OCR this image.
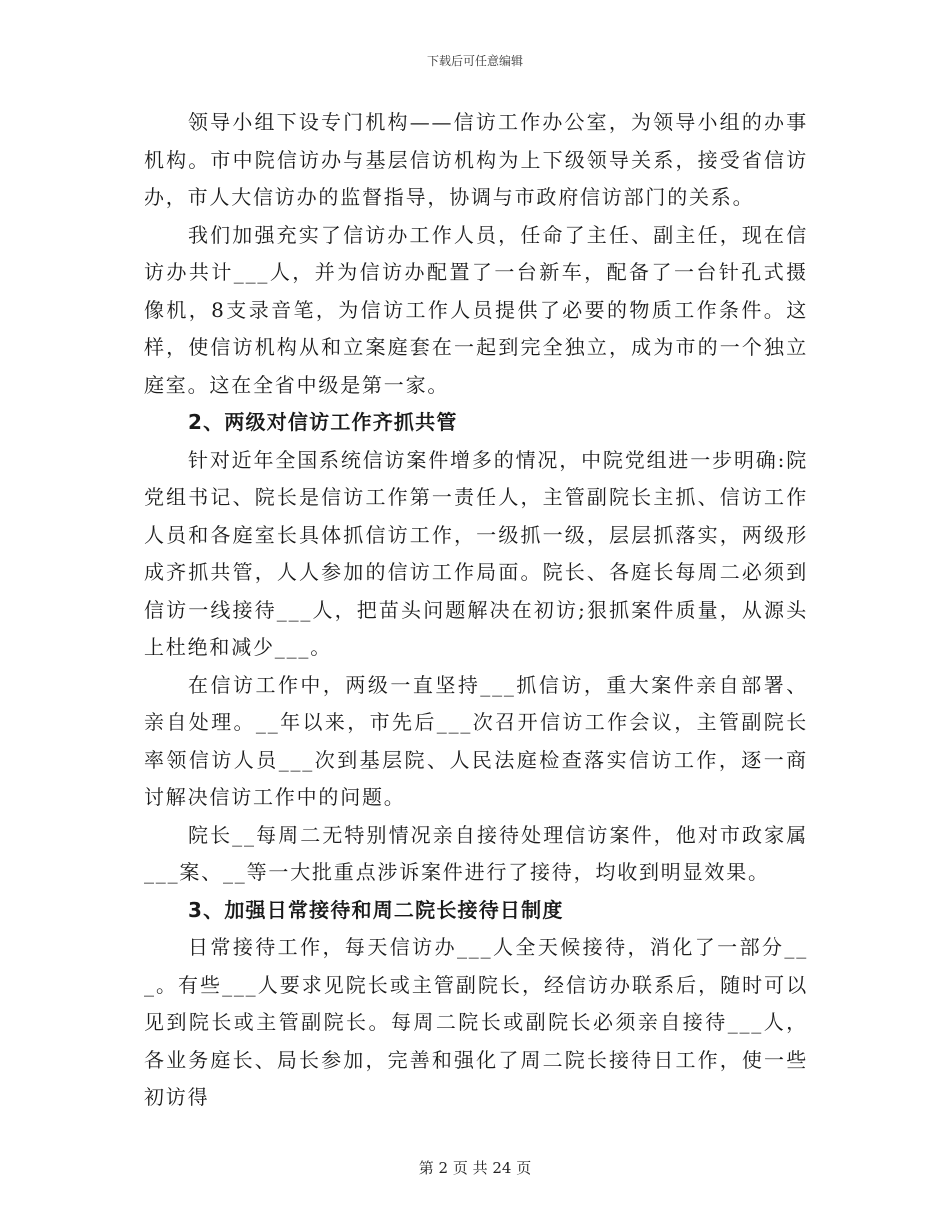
下载后可任意编辑

领导小组下设专门机构——信访工作办公室，为领导小组的办事机构。市中院信访办与基层信访机构为上下级领导关系，接受省信访办，市人大信访办的监督指导，协调与市政府信访部门的关系。

我们加强充实了信访办工作人员，任命了主任、副主任，现在信访办共计___人，并为信访办配置了一台新车，配备了一台针孔式摄像机，8支录音笔，为信访工作人员提供了必要的物质工作条件。这样，使信访机构从和立案庭套在一起到完全独立，成为市的一个独立庭室。这在全省中级是第一家。

2、两级对信访工作齐抓共管

针对近年全国系统信访案件增多的情况，中院党组进一步明确:院党组书记、院长是信访工作第一责任人，主管副院长主抓、信访工作人员和各庭室长具体抓信访工作，一级抓一级，层层抓落实，两级形成齐抓共管，人人参加的信访工作局面。院长、各庭长每周二必须到信访一线接待___人，把苗头问题解决在初访;狠抓案件质量，从源头上杜绝和减少___。

在信访工作中，两级一直坚持___抓信访，重大案件亲自部署、亲自处理。__年以来，市先后___次召开信访工作会议，主管副院长率领信访人员___次到基层院、人民法庭检查落实信访工作，逐一商讨解决信访工作中的问题。

院长__每周二无特别情况亲自接待处理信访案件，他对市政家属___案、__等一大批重点涉诉案件进行了接待，均收到明显效果。

3、加强日常接待和周二院长接待日制度

日常接待工作，每天信访办___人全天候接待，消化了一部分___。有些___人要求见院长或主管副院长，经信访办联系后，随时可以见到院长或主管副院长。每周二院长或副院长必须亲自接待___人，各业务庭长、局长参加，完善和强化了周二院长接待日工作，使一些初访得

第 2 页 共 24 页
